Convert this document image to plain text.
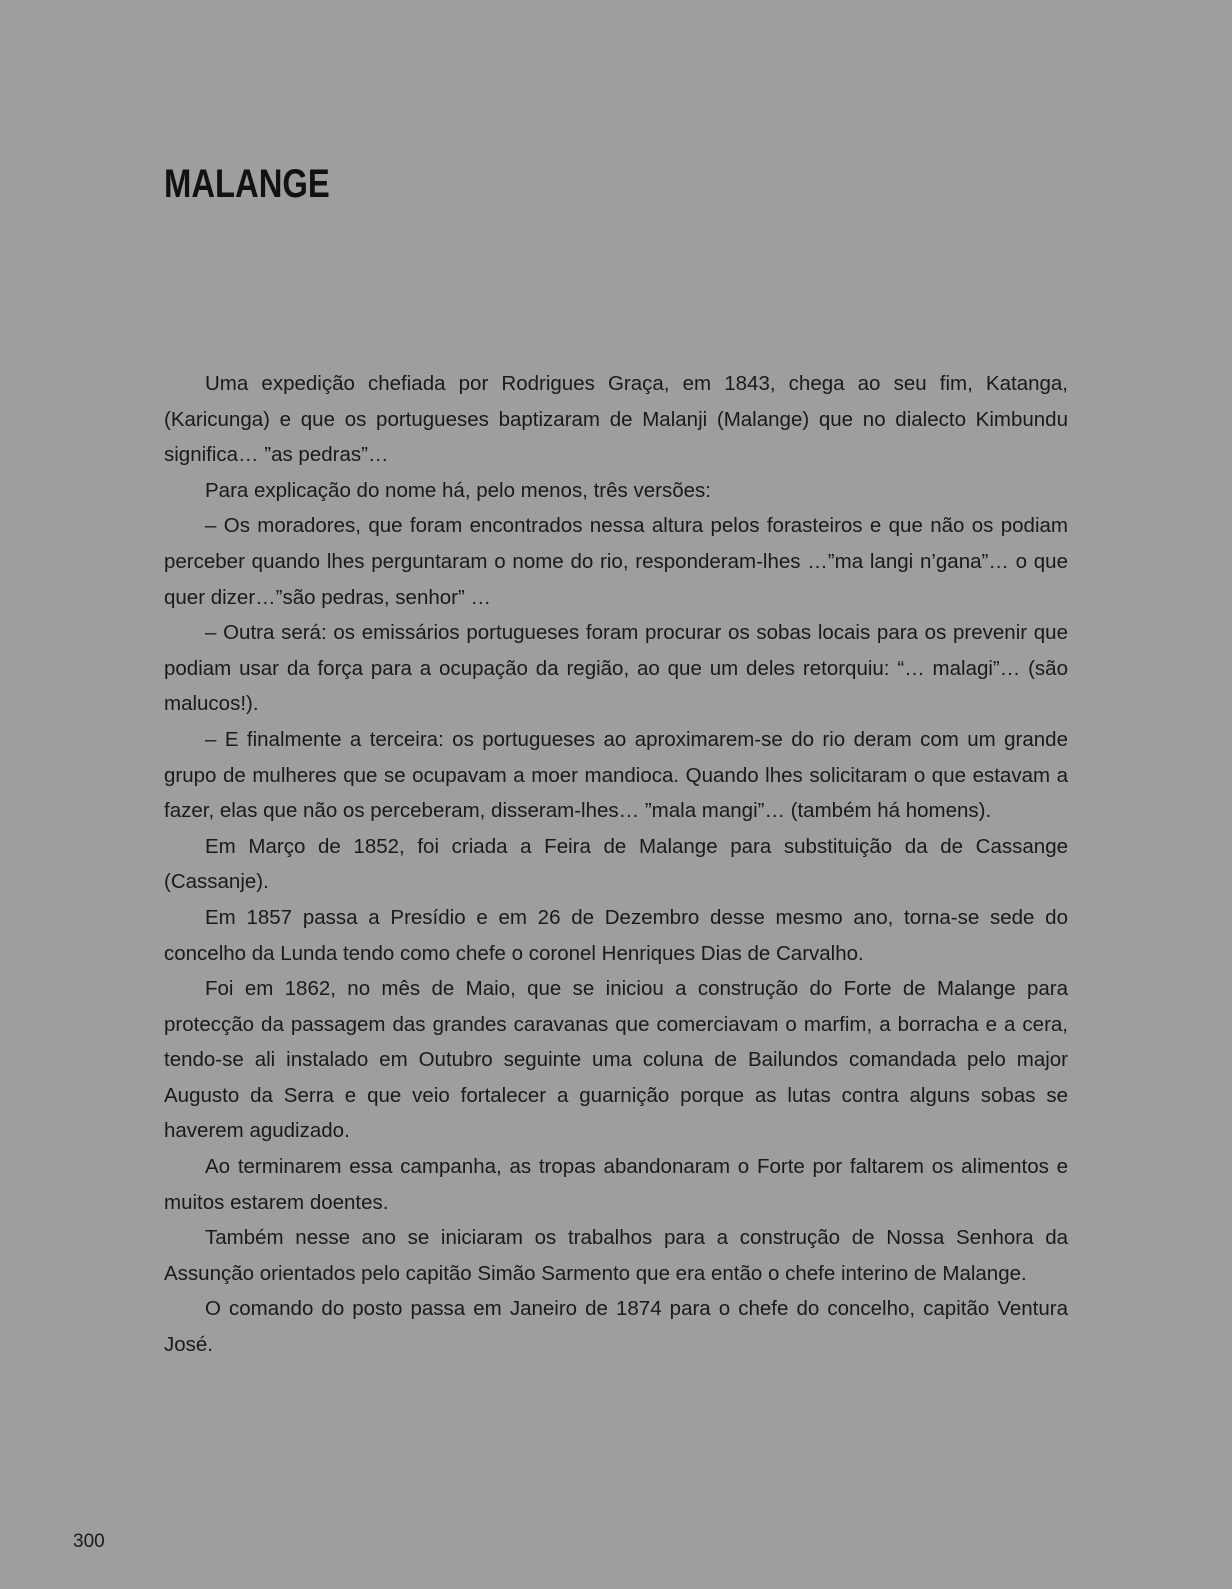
MALANGE

Uma expedição chefiada por Rodrigues Graça, em 1843, chega ao seu fim, Katanga, (Karicunga) e que os portugueses baptizaram de Malanji (Malange) que no dialecto Kimbundu significa… ”as pedras”…

Para explicação do nome há, pelo menos, três versões:

– Os moradores, que foram encontrados nessa altura pelos forasteiros e que não os podiam perceber quando lhes perguntaram o nome do rio, responderam-lhes …”ma langi n’gana”… o que quer dizer…”são pedras, senhor” …

– Outra será: os emissários portugueses foram procurar os sobas locais para os prevenir que podiam usar da força para a ocupação da região, ao que um deles retorquiu: “… malagi”… (são malucos!).

– E finalmente a terceira: os portugueses ao aproximarem-se do rio deram com um grande grupo de mulheres que se ocupavam a moer mandioca. Quando lhes solicitaram o que estavam a fazer, elas que não os perceberam, disseram-lhes… ”mala mangi”… (também há homens).

Em Março de 1852, foi criada a Feira de Malange para substituição da de Cassange (Cassanje).

Em 1857 passa a Presídio e em 26 de Dezembro desse mesmo ano, torna-se sede do concelho da Lunda tendo como chefe o coronel Henriques Dias de Carvalho.

Foi em 1862, no mês de Maio, que se iniciou a construção do Forte de Malange para protecção da passagem das grandes caravanas que comerciavam o marfim, a borracha e a cera, tendo-se ali instalado em Outubro seguinte uma coluna de Bailundos comandada pelo major Augusto da Serra e que veio fortalecer a guarnição porque as lutas contra alguns sobas se haverem agudizado.

Ao terminarem essa campanha, as tropas abandonaram o Forte por faltarem os alimentos e muitos estarem doentes.

Também nesse ano se iniciaram os trabalhos para a construção de Nossa Senhora da Assunção orientados pelo capitão Simão Sarmento que era então o chefe interino de Malange.

O comando do posto passa em Janeiro de 1874 para o chefe do concelho, capitão Ventura José.

300
